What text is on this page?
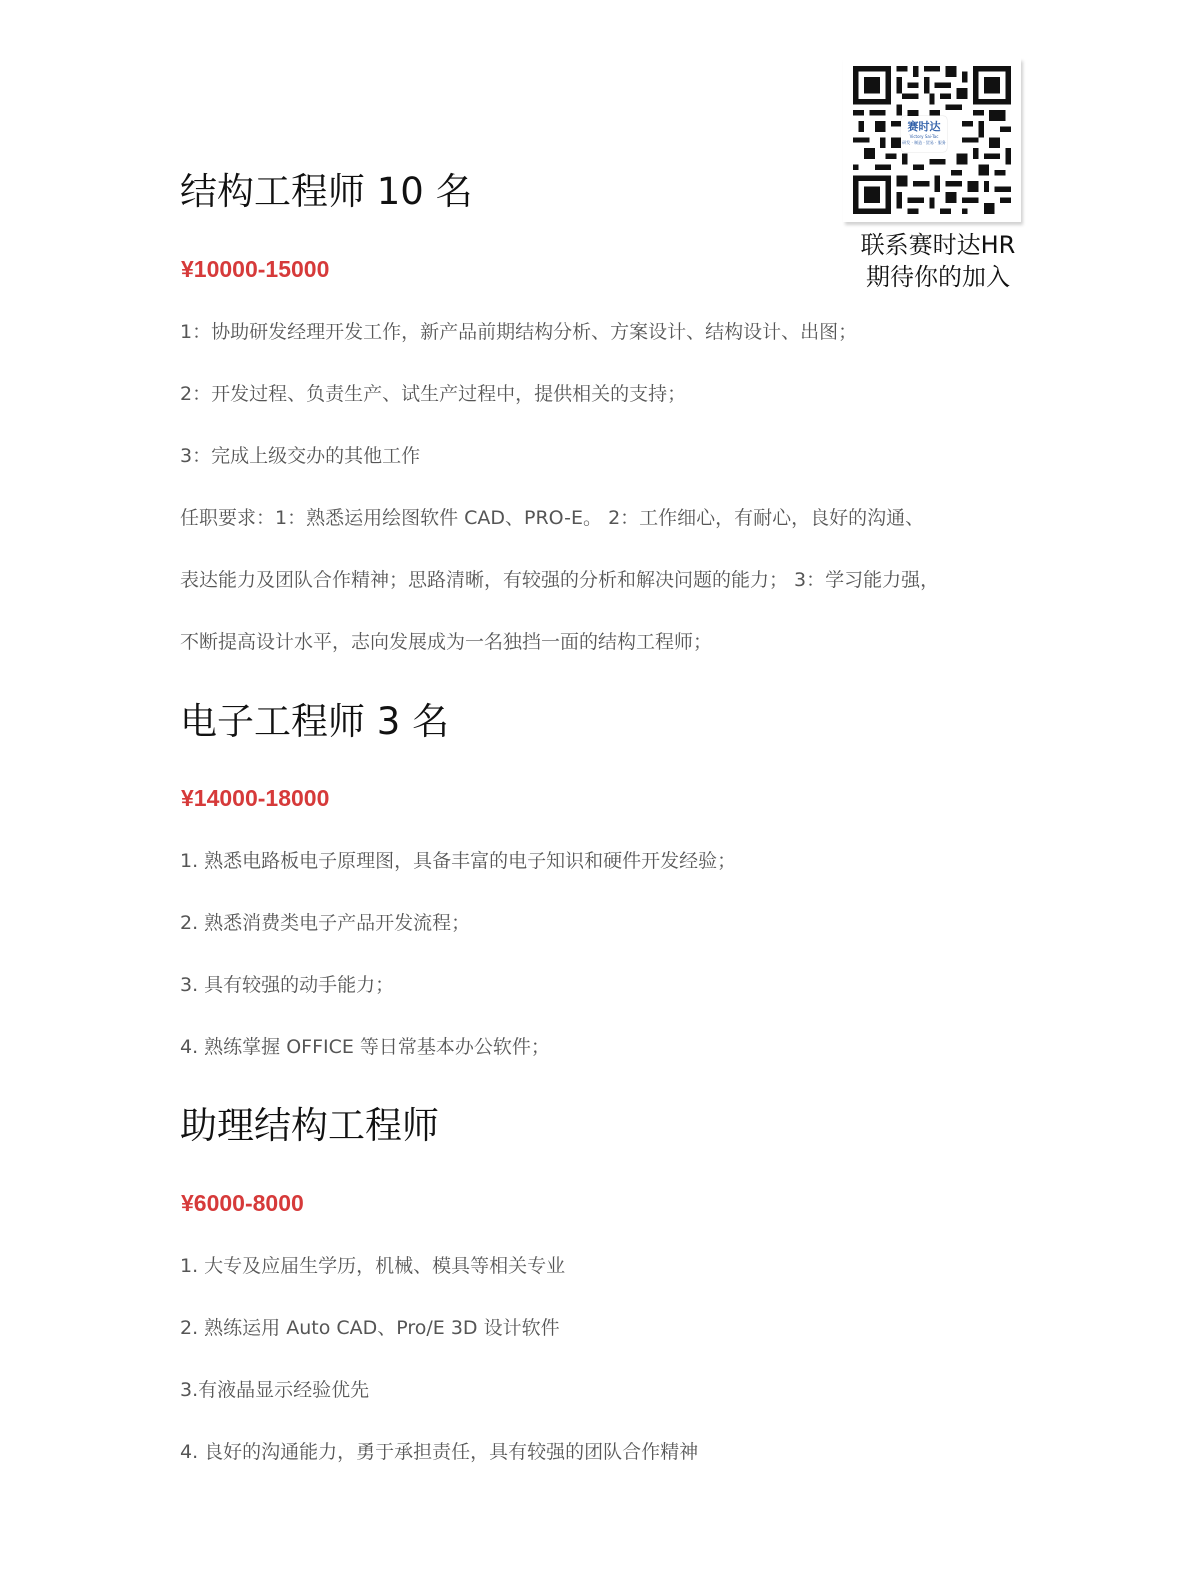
赛时达
Victory Sai-Tac
研发 · 制造 · 贸易 · 服务
联系赛时达HR
期待你的加入
结构工程师 10 名
¥10000-15000
1：协助研发经理开发工作，新产品前期结构分析、方案设计、结构设计、出图；
2：开发过程、负责生产、试生产过程中，提供相关的支持；
3：完成上级交办的其他工作
任职要求：1：熟悉运用绘图软件 CAD、PRO-E。 2：工作细心，有耐心，良好的沟通、
表达能力及团队合作精神；思路清晰，有较强的分析和解决问题的能力； 3：学习能力强，
不断提高设计水平，志向发展成为一名独挡一面的结构工程师；
电子工程师 3 名
¥14000-18000
1. 熟悉电路板电子原理图，具备丰富的电子知识和硬件开发经验；
2. 熟悉消费类电子产品开发流程；
3. 具有较强的动手能力；
4. 熟练掌握 OFFICE 等日常基本办公软件；
助理结构工程师
¥6000-8000
1. 大专及应届生学历，机械、模具等相关专业
2. 熟练运用 Auto CAD、Pro/E 3D 设计软件
3.有液晶显示经验优先
4. 良好的沟通能力，勇于承担责任，具有较强的团队合作精神
